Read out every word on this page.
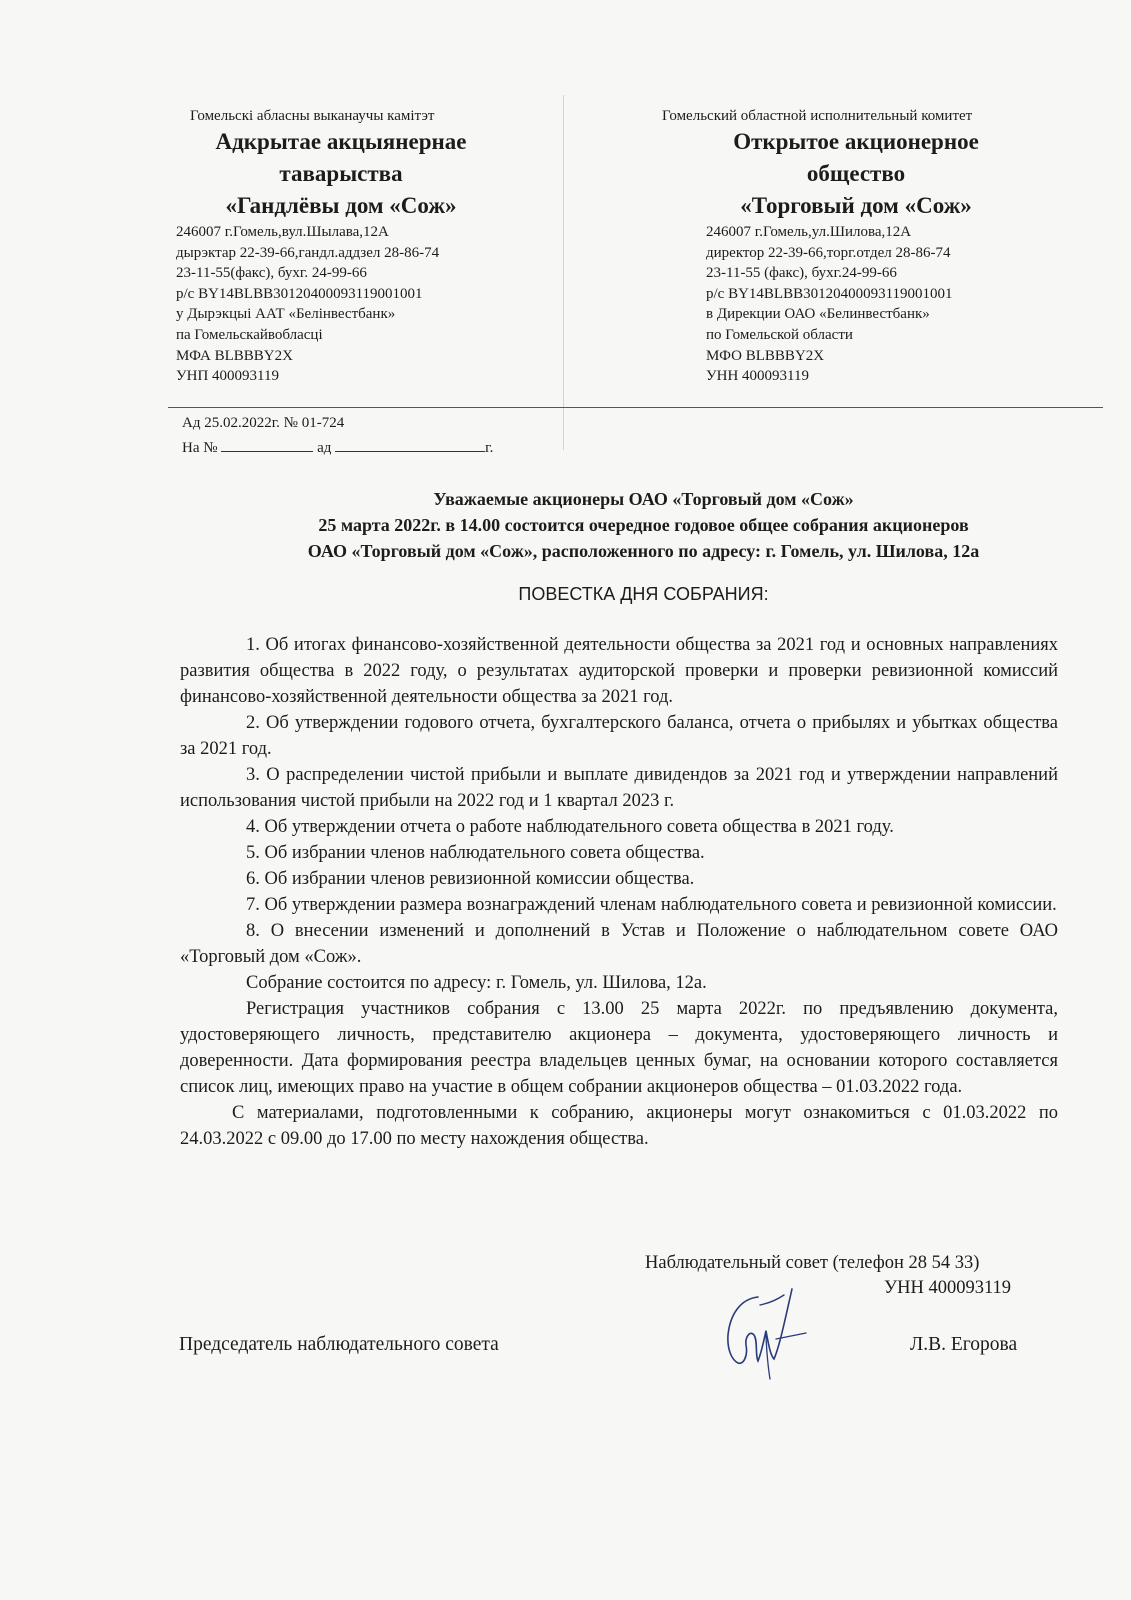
Гомельскі абласны выканаучы камітэт

Адкрытае акцыянернае

таварыства

«Гандлёвы дом «Сож»

246007 г.Гомель,вул.Шылава,12А

дырэктар 22-39-66,гандл.аддзел 28-86-74

23-11-55(факс), бухг. 24-99-66

р/с BY14BLBB30120400093119001001

у Дырэкцыі ААТ «Белінвестбанк»

па Гомельскайвобласці

МФА BLBBBY2X

УНП 400093119

Гомельский областной исполнительный комитет

Открытое акционерное

общество

«Торговый дом «Сож»

246007 г.Гомель,ул.Шилова,12А

директор 22-39-66,торг.отдел 28-86-74

23-11-55 (факс), бухг.24-99-66

р/с BY14BLBB30120400093119001001

в Дирекции ОАО «Белинвестбанк»

по Гомельской области

МФО BLBBBY2X

УНН 400093119

Ад 25.02.2022г. № 01-724
На №	ад	г.
Уважаемые акционеры ОАО «Торговый дом «Сож»
25 марта 2022г. в 14.00 состоится очередное годовое общее собрания акционеров
ОАО «Торговый дом «Сож», расположенного по адресу: г. Гомель, ул. Шилова, 12а
ПОВЕСТКА ДНЯ СОБРАНИЯ:

1. Об итогах финансово-хозяйственной деятельности общества за 2021 год и основных направлениях развития общества в 2022 году, о результатах аудиторской проверки и проверки ревизионной комиссий финансово-хозяйственной деятельности общества за 2021 год.

2. Об утверждении годового отчета, бухгалтерского баланса, отчета о прибылях и убытках общества за 2021 год.

3. О распределении чистой прибыли и выплате дивидендов за 2021 год и утверждении направлений использования чистой прибыли на 2022 год и 1 квартал 2023 г.

4. Об утверждении отчета о работе наблюдательного совета общества в 2021 году.

5. Об избрании членов наблюдательного совета общества.

6. Об избрании членов ревизионной комиссии общества.

7. Об утверждении размера вознаграждений членам наблюдательного совета и ревизионной комиссии.

8. О внесении изменений и дополнений в Устав и Положение о наблюдательном совете ОАО «Торговый дом «Сож».

Собрание состоится по адресу: г. Гомель, ул. Шилова, 12а.

Регистрация участников собрания с 13.00 25 марта 2022г. по предъявлению документа, удостоверяющего личность, представителю акционера – документа, удостоверяющего личность и доверенности. Дата формирования реестра владельцев ценных бумаг, на основании которого составляется список лиц, имеющих право на участие в общем собрании акционеров общества – 01.03.2022 года.

С материалами, подготовленными к собранию, акционеры могут ознакомиться с 01.03.2022 по 24.03.2022 с 09.00 до 17.00 по месту нахождения общества.

Наблюдательный совет (телефон 28 54 33)
УНН 400093119
Председатель наблюдательного совета	Л.В. Егорова
